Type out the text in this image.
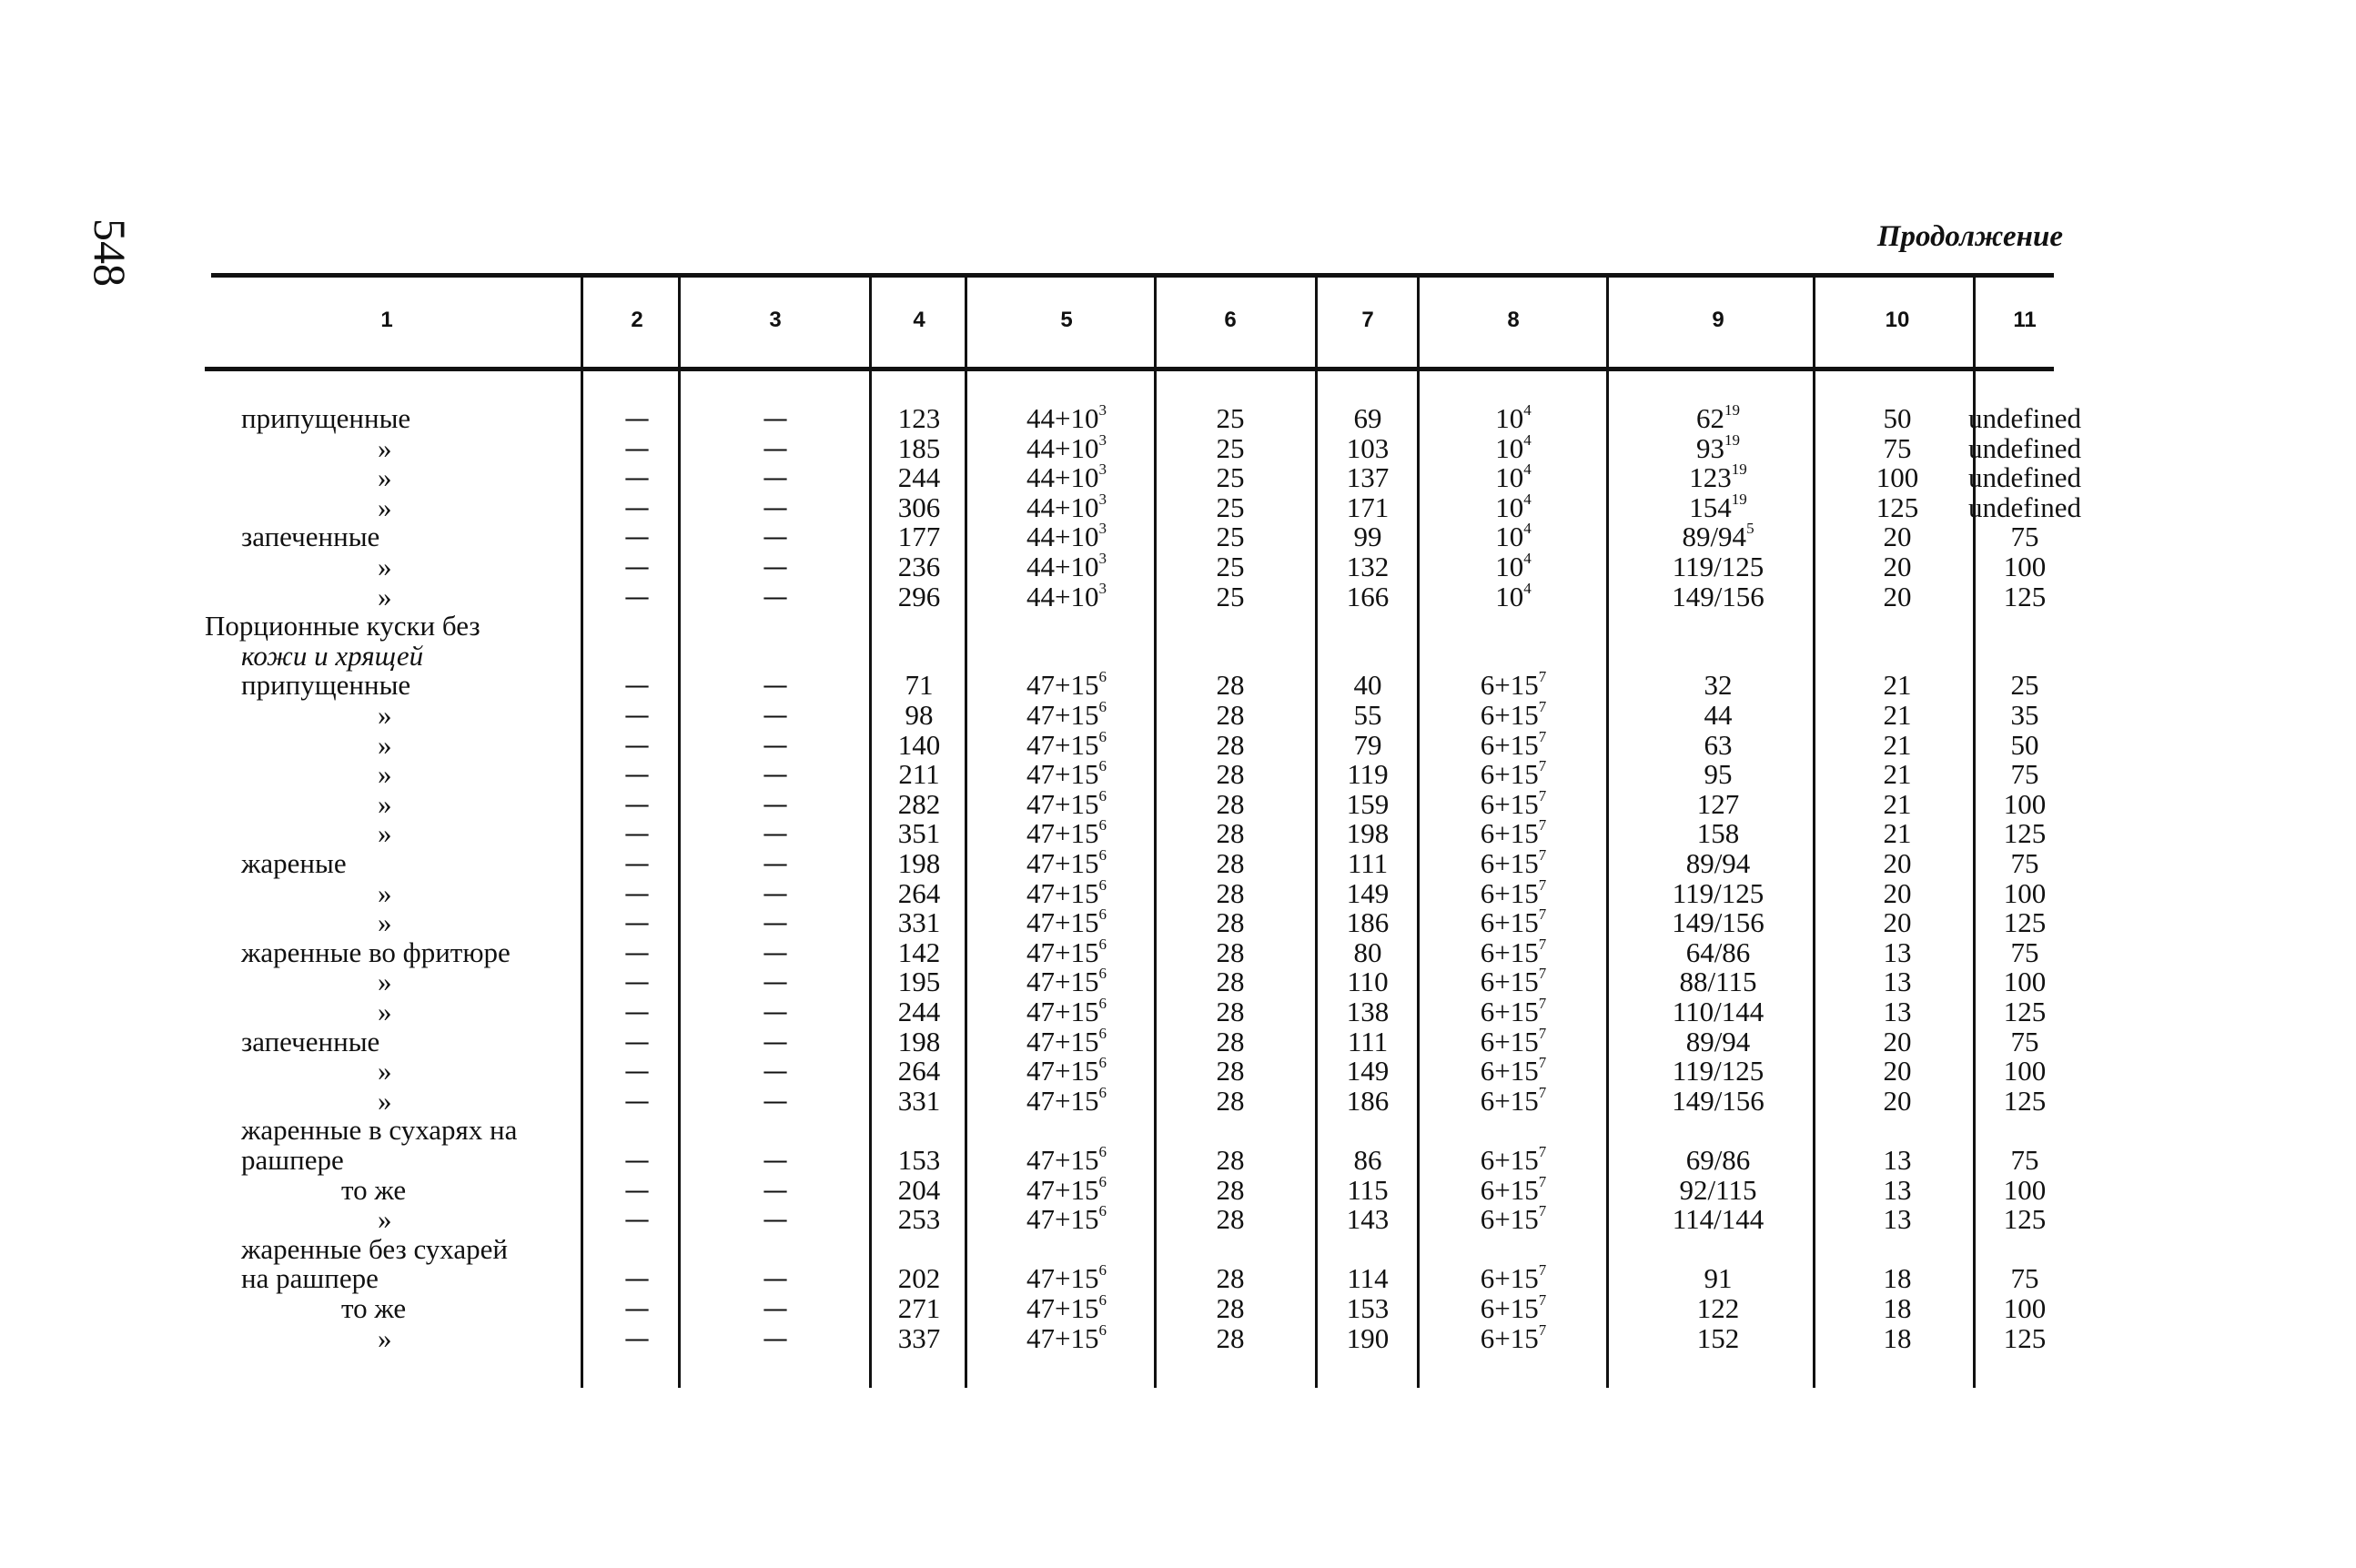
548	Продолжение
1	2	3	4	5	6	7	8	9	10	11
припущенные	—	—	123	$44+10^3$	25	69	$10^4$	$62^{19}$	50	undefined
»	—	—	185	$44+10^3$	25	103	$10^4$	$93^{19}$	75	undefined
»	—	—	244	$44+10^3$	25	137	$10^4$	$123^{19}$	100	undefined
»	—	—	306	$44+10^3$	25	171	$10^4$	$154^{19}$	125	undefined
запеченные	—	—	177	$44+10^3$	25	99	$10^4$	$89/94^5$	20	75
»	—	—	236	$44+10^3$	25	132	$10^4$	119/125	20	100
»	—	—	296	$44+10^3$	25	166	$10^4$	149/156	20	125
Порционные куски без
кожи и хрящей
припущенные	—	—	71	$47+15^6$	28	40	$6+15^7$	32	21	25
»	—	—	98	$47+15^6$	28	55	$6+15^7$	44	21	35
»	—	—	140	$47+15^6$	28	79	$6+15^7$	63	21	50
»	—	—	211	$47+15^6$	28	119	$6+15^7$	95	21	75
»	—	—	282	$47+15^6$	28	159	$6+15^7$	127	21	100
»	—	—	351	$47+15^6$	28	198	$6+15^7$	158	21	125
жареные	—	—	198	$47+15^6$	28	111	$6+15^7$	89/94	20	75
»	—	—	264	$47+15^6$	28	149	$6+15^7$	119/125	20	100
»	—	—	331	$47+15^6$	28	186	$6+15^7$	149/156	20	125
жаренные во фритюре	—	—	142	$47+15^6$	28	80	$6+15^7$	64/86	13	75
»	—	—	195	$47+15^6$	28	110	$6+15^7$	88/115	13	100
»	—	—	244	$47+15^6$	28	138	$6+15^7$	110/144	13	125
запеченные	—	—	198	$47+15^6$	28	111	$6+15^7$	89/94	20	75
»	—	—	264	$47+15^6$	28	149	$6+15^7$	119/125	20	100
»	—	—	331	$47+15^6$	28	186	$6+15^7$	149/156	20	125
жаренные в сухарях на
рашпере	—	—	153	$47+15^6$	28	86	$6+15^7$	69/86	13	75
то же	—	—	204	$47+15^6$	28	115	$6+15^7$	92/115	13	100
»	—	—	253	$47+15^6$	28	143	$6+15^7$	114/144	13	125
жаренные без сухарей
на рашпере	—	—	202	$47+15^6$	28	114	$6+15^7$	91	18	75
то же	—	—	271	$47+15^6$	28	153	$6+15^7$	122	18	100
»	—	—	337	$47+15^6$	28	190	$6+15^7$	152	18	125
